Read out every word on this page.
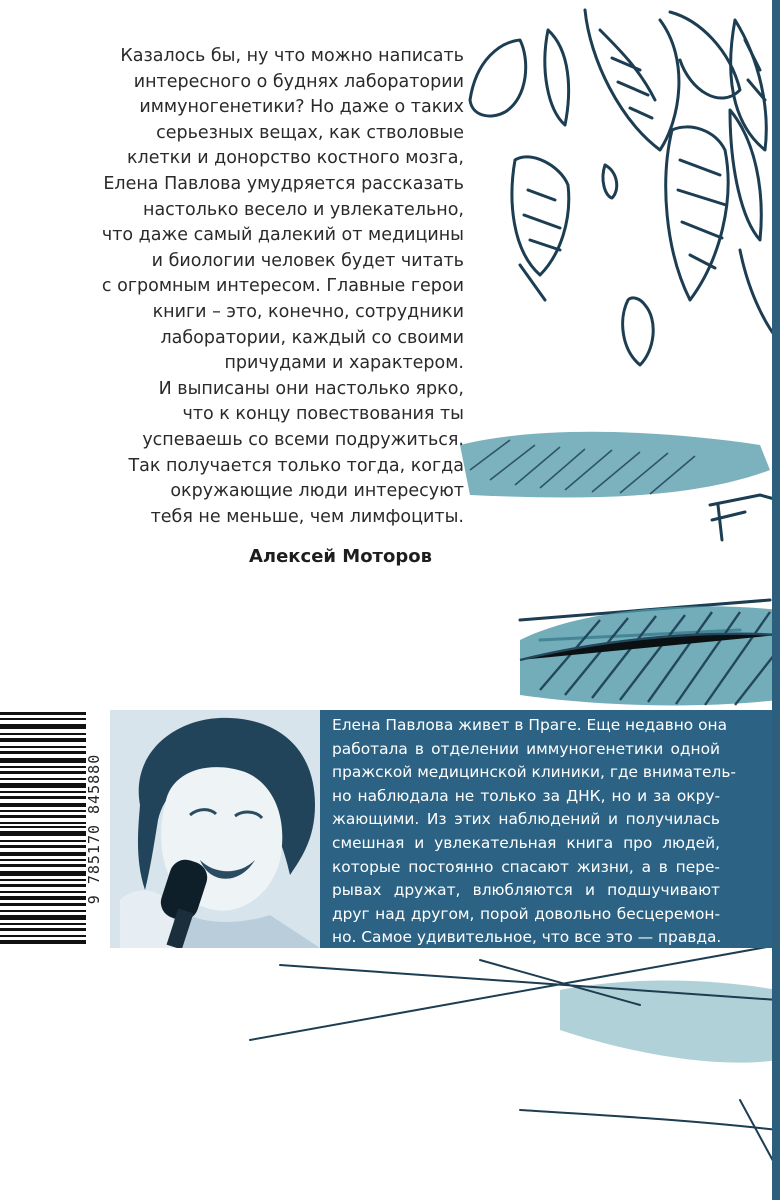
Казалось бы, ну что можно написать
интересного о буднях лаборатории
иммуногенетики? Но даже о таких
серьезных вещах, как стволовые
клетки и донорство костного мозга,
Елена Павлова умудряется рассказать
настолько весело и увлекательно,
что даже самый далекий от медицины
и биологии человек будет читать
с огромным интересом. Главные герои
книги – это, конечно, сотрудники
лаборатории, каждый со своими
причудами и характером.
И выписаны они настолько ярко,
что к концу повествования ты
успеваешь со всеми подружиться.
Так получается только тогда, когда
окружающие люди интересуют
тебя не меньше, чем лимфоциты.
Алексей Моторов
9 785170 845880
Елена Павлова живет в Праге. Еще недавно она
работала в отделении иммуногенетики одной
пражской медицинской клиники, где вниматель-
но наблюдала не только за ДНК, но и за окру-
жающими. Из этих наблюдений и получилась
смешная и увлекательная книга про людей,
которые постоянно спасают жизни, а в пере-
рывах дружат, влюбляются и подшучивают
друг над другом, порой довольно бесцеремон-
но. Самое удивительное, что все это — правда.
